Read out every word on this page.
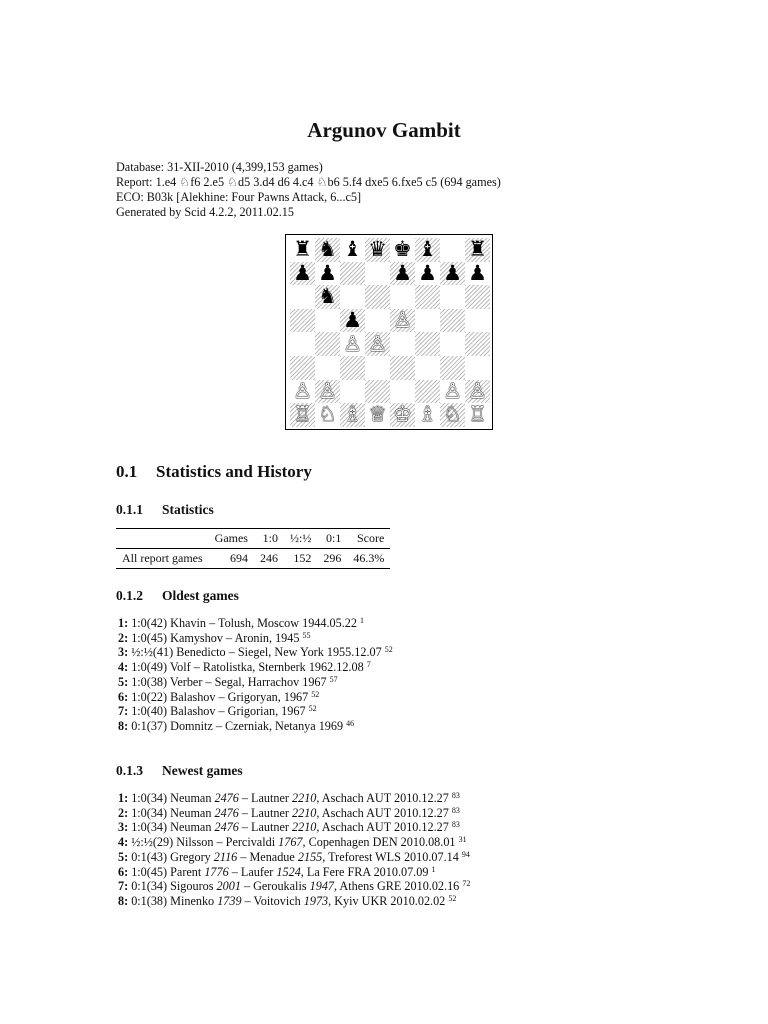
Argunov Gambit
Database: 31-XII-2010 (4,399,153 games)
Report: 1.e4 ♘f6 2.e5 ♘d5 3.d4 d6 4.c4 ♘b6 5.f4 dxe5 6.fxe5 c5 (694 games)
ECO: B03k [Alekhine: Four Pawns Attack, 6...c5]
Generated by Scid 4.2.2, 2011.02.15
♜ ♞ ♝ ♛ ♚ ♝ ♜
♟ ♟	♟ ♟ ♟ ♟
♞
♟ ♙
♙ ♙
♙ ♙	♙ ♙
♖ ♘ ♗ ♕ ♔ ♗ ♘ ♖
0.1 Statistics and History
0.1.1 Statistics
	Games	1:0	½:½	0:1	Score
All report games	694	246	152	296	46.3%
0.1.2 Oldest games
1: 1:0(42) Khavin – Tolush, Moscow 1944.05.22 $^1$
2: 1:0(45) Kamyshov – Aronin, 1945 $^{55}$
3: ½:½(41) Benedicto – Siegel, New York 1955.12.07 $^{52}$
4: 1:0(49) Volf – Ratolistka, Sternberk 1962.12.08 $^7$
5: 1:0(38) Verber – Segal, Harrachov 1967 $^{57}$
6: 1:0(22) Balashov – Grigoryan, 1967 $^{52}$
7: 1:0(40) Balashov – Grigorian, 1967 $^{52}$
8: 0:1(37) Domnitz – Czerniak, Netanya 1969 $^{46}$
0.1.3 Newest games
1: 1:0(34) Neuman 2476 – Lautner 2210, Aschach AUT 2010.12.27 $^{83}$
2: 1:0(34) Neuman 2476 – Lautner 2210, Aschach AUT 2010.12.27 $^{83}$
3: 1:0(34) Neuman 2476 – Lautner 2210, Aschach AUT 2010.12.27 $^{83}$
4: ½:½(29) Nilsson – Percivaldi 1767, Copenhagen DEN 2010.08.01 $^{31}$
5: 0:1(43) Gregory 2116 – Menadue 2155, Treforest WLS 2010.07.14 $^{94}$
6: 1:0(45) Parent 1776 – Laufer 1524, La Fere FRA 2010.07.09 $^1$
7: 0:1(34) Sigouros 2001 – Geroukalis 1947, Athens GRE 2010.02.16 $^{72}$
8: 0:1(38) Minenko 1739 – Voitovich 1973, Kyiv UKR 2010.02.02 $^{52}$
